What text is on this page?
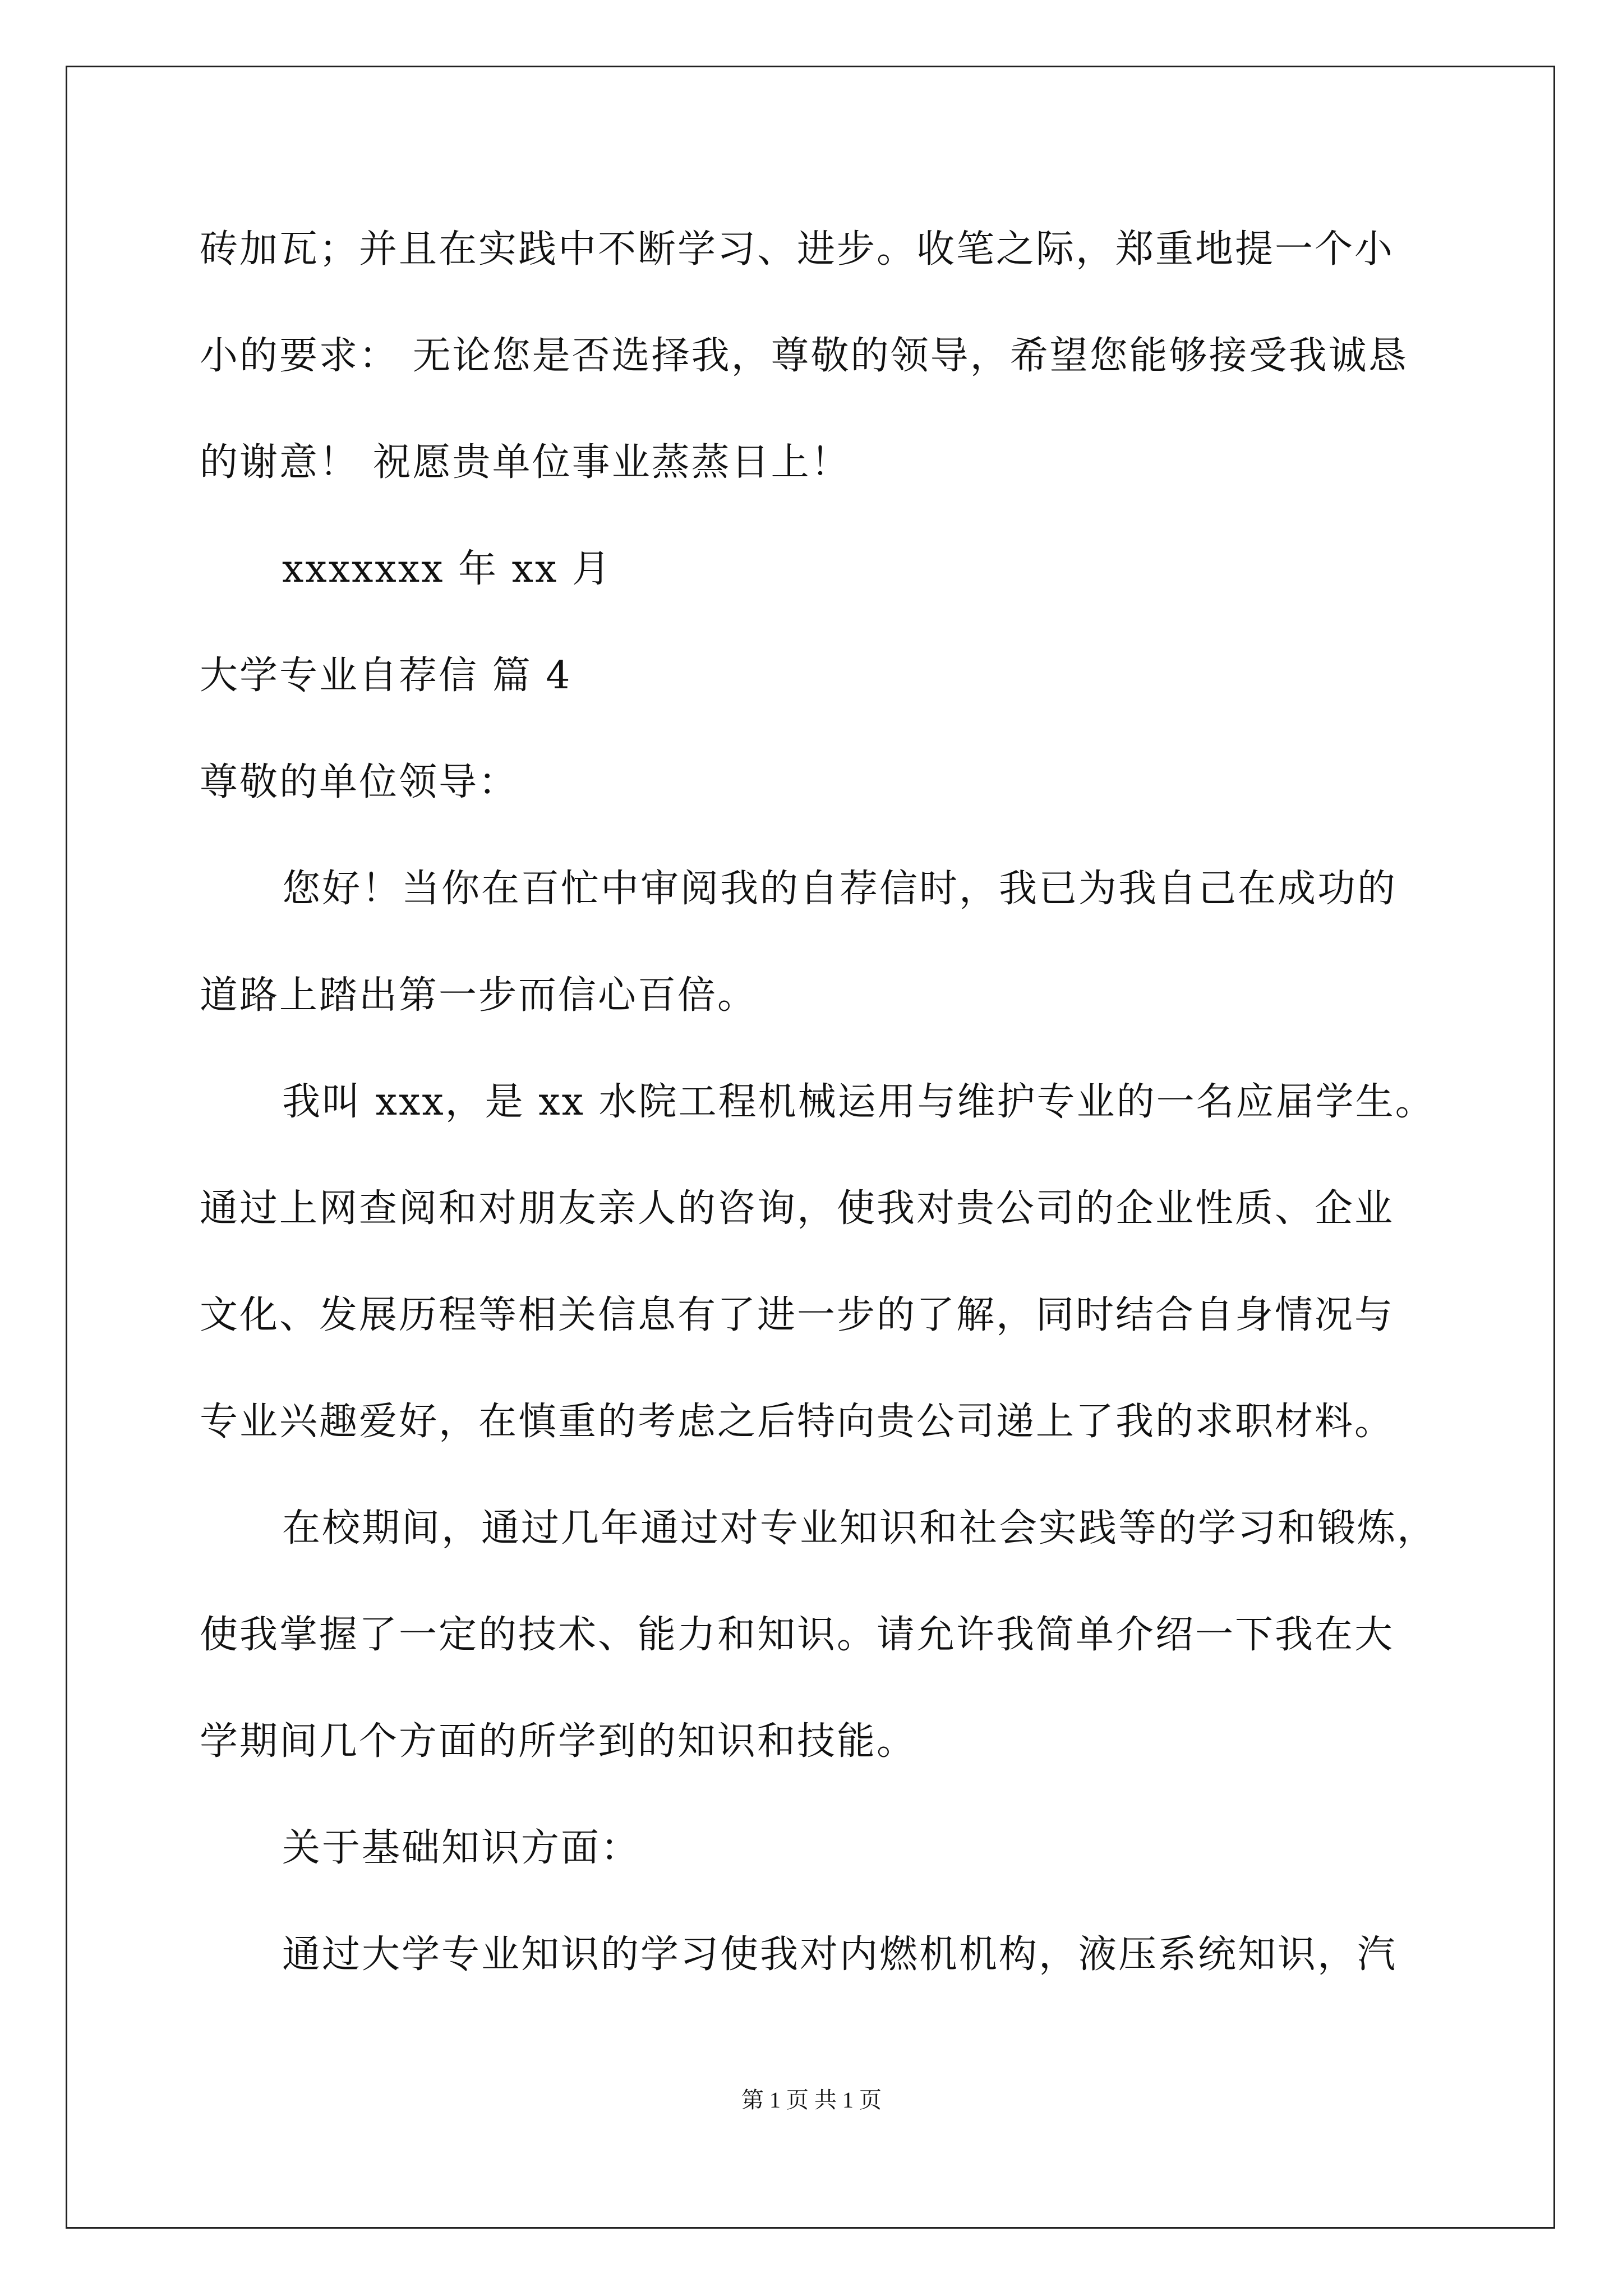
砖加瓦；并且在实践中不断学习、进步。收笔之际，郑重地提一个小
小的要求： 无论您是否选择我，尊敬的领导，希望您能够接受我诚恳
的谢意！ 祝愿贵单位事业蒸蒸日上！
xxxxxxx 年 xx 月
大学专业自荐信 篇 4
尊敬的单位领导：
您好！当你在百忙中审阅我的自荐信时，我已为我自己在成功的
道路上踏出第一步而信心百倍。
我叫 xxx，是 xx 水院工程机械运用与维护专业的一名应届学生。
通过上网查阅和对朋友亲人的咨询，使我对贵公司的企业性质、企业
文化、发展历程等相关信息有了进一步的了解，同时结合自身情况与
专业兴趣爱好，在慎重的考虑之后特向贵公司递上了我的求职材料。
在校期间，通过几年通过对专业知识和社会实践等的学习和锻炼，
使我掌握了一定的技术、能力和知识。请允许我简单介绍一下我在大
学期间几个方面的所学到的知识和技能。
关于基础知识方面：
通过大学专业知识的学习使我对内燃机机构，液压系统知识，汽
第 1 页 共 1 页
